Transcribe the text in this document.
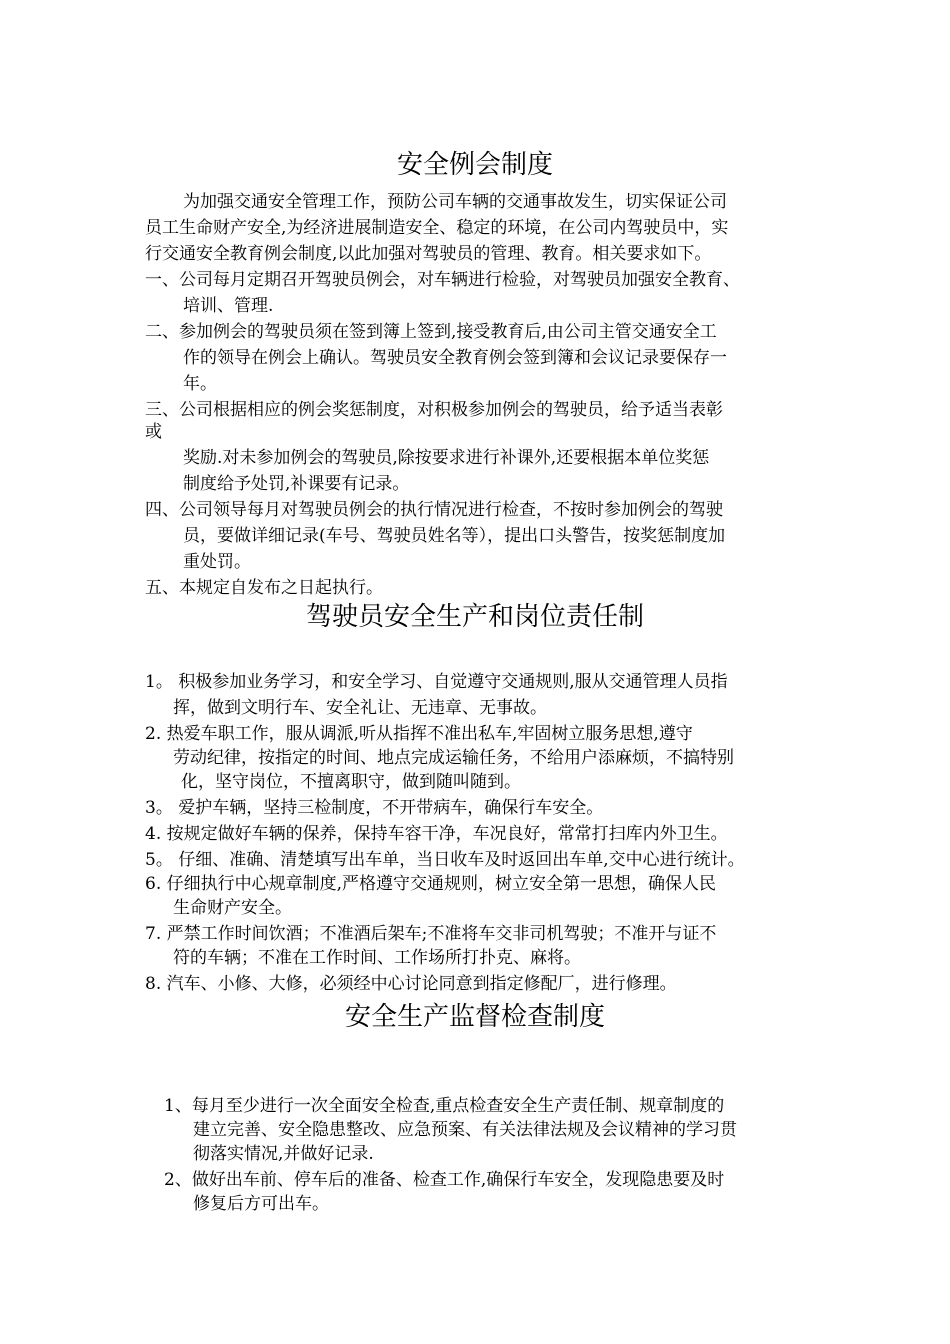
安全例会制度
为加强交通安全管理工作，预防公司车辆的交通事故发生，切实保证公司
员工生命财产安全,为经济进展制造安全、稳定的环境，在公司内驾驶员中，实
行交通安全教育例会制度,以此加强对驾驶员的管理、教育。相关要求如下。
一、公司每月定期召开驾驶员例会，对车辆进行检验，对驾驶员加强安全教育、
培训、管理.
二、参加例会的驾驶员须在签到簿上签到,接受教育后,由公司主管交通安全工
作的领导在例会上确认。驾驶员安全教育例会签到簿和会议记录要保存一
年。
三、公司根据相应的例会奖惩制度，对积极参加例会的驾驶员，给予适当表彰
或
奖励.对未参加例会的驾驶员,除按要求进行补课外,还要根据本单位奖惩
制度给予处罚,补课要有记录。
四、公司领导每月对驾驶员例会的执行情况进行检查，不按时参加例会的驾驶
员，要做详细记录(车号、驾驶员姓名等），提出口头警告，按奖惩制度加
重处罚。
五、本规定自发布之日起执行。
驾驶员安全生产和岗位责任制
1。 积极参加业务学习，和安全学习、自觉遵守交通规则,服从交通管理人员指
挥，做到文明行车、安全礼让、无违章、无事故。
2. 热爱车职工作，服从调派,听从指挥不准出私车,牢固树立服务思想,遵守
劳动纪律，按指定的时间、地点完成运输任务，不给用户添麻烦，不搞特别
化，坚守岗位，不擅离职守，做到随叫随到。
3。 爱护车辆，坚持三检制度，不开带病车，确保行车安全。
4. 按规定做好车辆的保养，保持车容干净，车况良好，常常打扫库内外卫生。
5。 仔细、准确、清楚填写出车单，当日收车及时返回出车单,交中心进行统计。
6. 仔细执行中心规章制度,严格遵守交通规则，树立安全第一思想，确保人民
生命财产安全。
7. 严禁工作时间饮酒；不准酒后架车;不准将车交非司机驾驶；不准开与证不
符的车辆；不准在工作时间、工作场所打扑克、麻将。
8. 汽车、小修、大修，必须经中心讨论同意到指定修配厂，进行修理。
安全生产监督检查制度
1、每月至少进行一次全面安全检查,重点检查安全生产责任制、规章制度的
建立完善、安全隐患整改、应急预案、有关法律法规及会议精神的学习贯
彻落实情况,并做好记录.
2、做好出车前、停车后的准备、检查工作,确保行车安全，发现隐患要及时
修复后方可出车。
